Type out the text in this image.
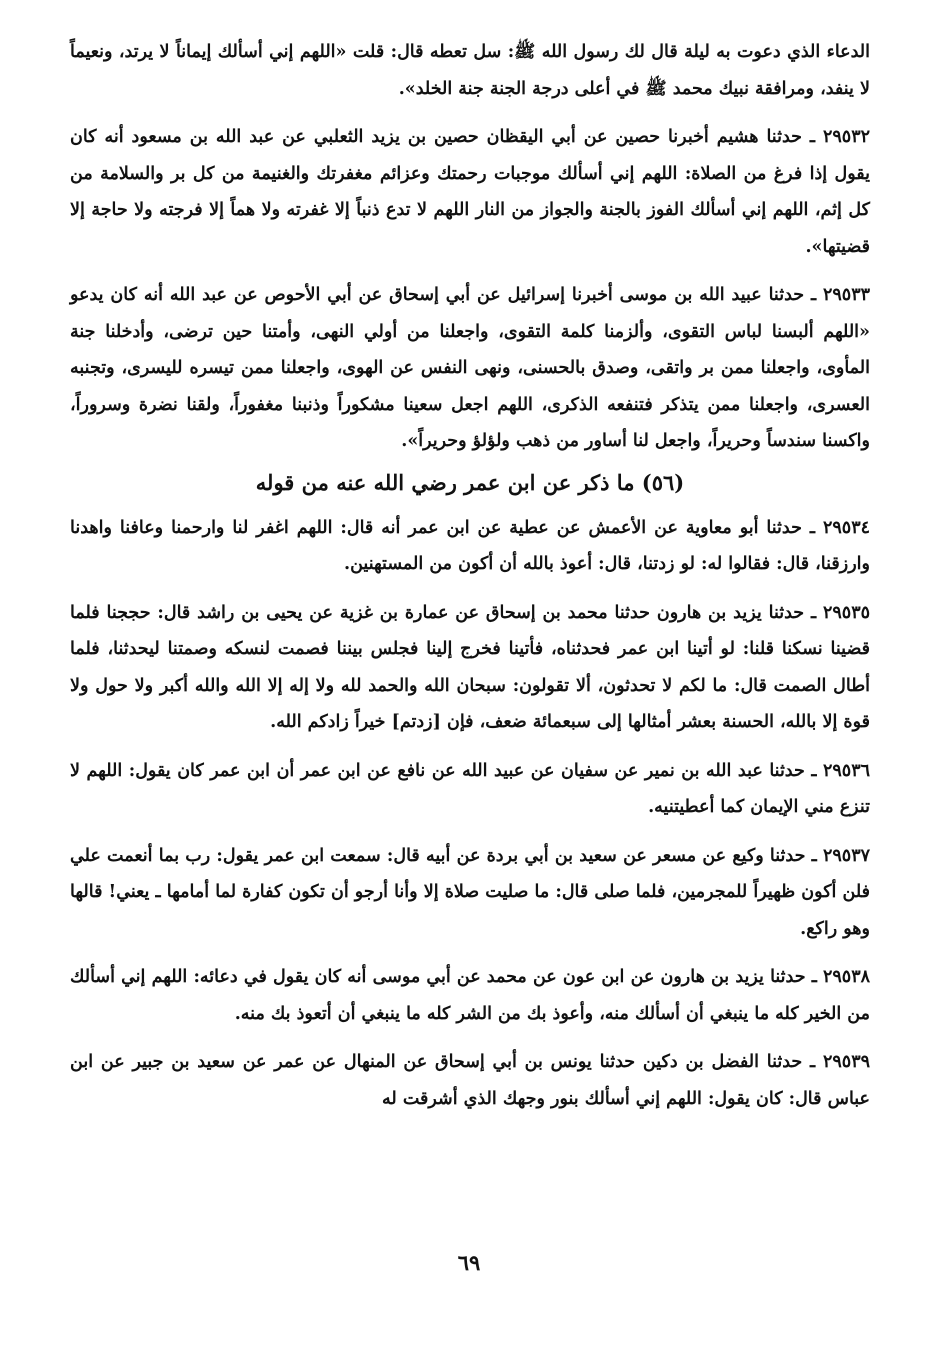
الدعاء الذي دعوت به ليلة قال لك رسول الله ﷺ: سل تعطه قال: قلت «اللهم إني أسألك إيماناً لا يرتد، ونعيماً لا ينفد، ومرافقة نبيك محمد ﷺ في أعلى درجة الجنة جنة الخلد».

٢٩٥٣٢ ـ حدثنا هشيم أخبرنا حصين عن أبي اليقظان حصين بن يزيد الثعلبي عن عبد الله بن مسعود أنه كان يقول إذا فرغ من الصلاة: اللهم إني أسألك موجبات رحمتك وعزائم مغفرتك والغنيمة من كل بر والسلامة من كل إثم، اللهم إني أسألك الفوز بالجنة والجواز من النار اللهم لا تدع ذنباً إلا غفرته ولا هماً إلا فرجته ولا حاجة إلا قضيتها».

٢٩٥٣٣ ـ حدثنا عبيد الله بن موسى أخبرنا إسرائيل عن أبي إسحاق عن أبي الأحوص عن عبد الله أنه كان يدعو «اللهم ألبسنا لباس التقوى، وألزمنا كلمة التقوى، واجعلنا من أولي النهى، وأمتنا حين ترضى، وأدخلنا جنة المأوى، واجعلنا ممن بر واتقى، وصدق بالحسنى، ونهى النفس عن الهوى، واجعلنا ممن تيسره لليسرى، وتجنبه العسرى، واجعلنا ممن يتذكر فتنفعه الذكرى، اللهم اجعل سعينا مشكوراً وذنبنا مغفوراً، ولقنا نضرة وسروراً، واكسنا سندساً وحريراً، واجعل لنا أساور من ذهب ولؤلؤ وحريراً».

(٥٦) ما ذكر عن ابن عمر رضي الله عنه من قوله

٢٩٥٣٤ ـ حدثنا أبو معاوية عن الأعمش عن عطية عن ابن عمر أنه قال: اللهم اغفر لنا وارحمنا وعافنا واهدنا وارزقنا، قال: فقالوا له: لو زدتنا، قال: أعوذ بالله أن أكون من المستهنين.

٢٩٥٣٥ ـ حدثنا يزيد بن هارون حدثنا محمد بن إسحاق عن عمارة بن غزية عن يحيى بن راشد قال: حججنا فلما قضينا نسكنا قلنا: لو أتينا ابن عمر فحدثناه، فأتينا فخرج إلينا فجلس بيننا فصمت لنسكه وصمتنا ليحدثنا، فلما أطال الصمت قال: ما لكم لا تحدثون، ألا تقولون: سبحان الله والحمد لله ولا إله إلا الله والله أكبر ولا حول ولا قوة إلا بالله، الحسنة بعشر أمثالها إلى سبعمائة ضعف، فإن [زدتم] خيراً زادكم الله.

٢٩٥٣٦ ـ حدثنا عبد الله بن نمير عن سفيان عن عبيد الله عن نافع عن ابن عمر أن ابن عمر كان يقول: اللهم لا تنزع مني الإيمان كما أعطيتنيه.

٢٩٥٣٧ ـ حدثنا وكيع عن مسعر عن سعيد بن أبي بردة عن أبيه قال: سمعت ابن عمر يقول: رب بما أنعمت علي فلن أكون ظهيراً للمجرمين، فلما صلى قال: ما صليت صلاة إلا وأنا أرجو أن تكون كفارة لما أمامها ـ يعني! قالها وهو راكع.

٢٩٥٣٨ ـ حدثنا يزيد بن هارون عن ابن عون عن محمد عن أبي موسى أنه كان يقول في دعائه: اللهم إني أسألك من الخير كله ما ينبغي أن أسألك منه، وأعوذ بك من الشر كله ما ينبغي أن أتعوذ بك منه.

٢٩٥٣٩ ـ حدثنا الفضل بن دكين حدثنا يونس بن أبي إسحاق عن المنهال عن عمر عن سعيد بن جبير عن ابن عباس قال: كان يقول: اللهم إني أسألك بنور وجهك الذي أشرقت له

٦٩
